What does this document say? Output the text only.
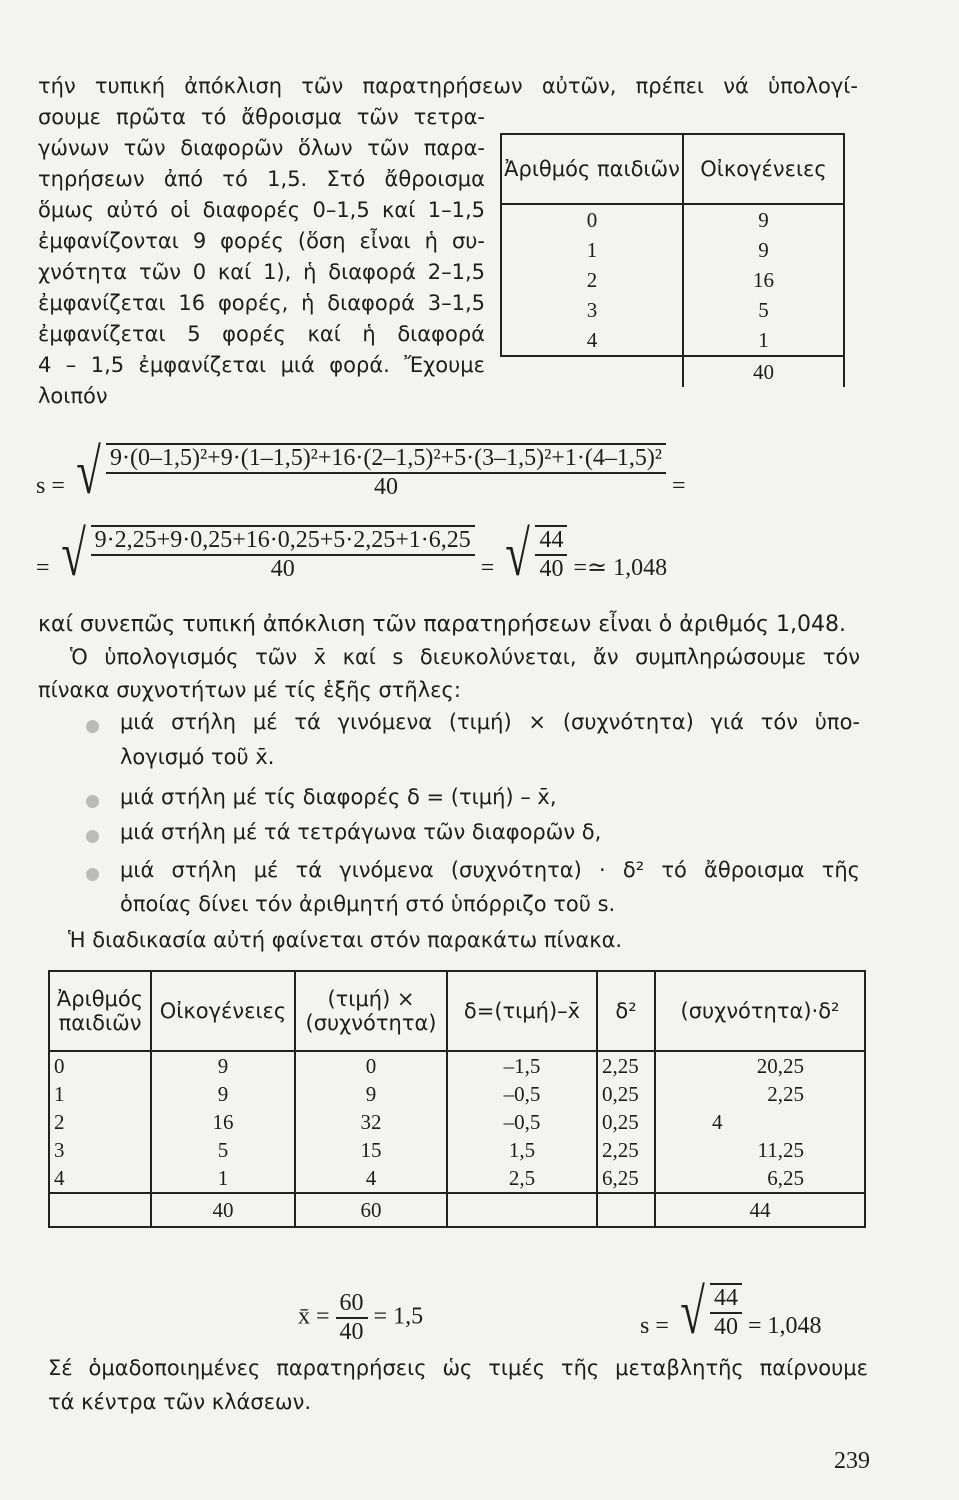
τήν τυπική ἀπόκλιση τῶν παρατηρήσεων αὐτῶν, πρέπει νά ὑπολογί-
σουμε πρῶτα τό ἄθροισμα τῶν τετρα-
γώνων τῶν διαφορῶν ὅλων τῶν παρα-
τηρήσεων ἀπό τό 1,5. Στό ἄθροισμα
ὅμως αὐτό οἱ διαφορές 0–1,5 καί 1–1,5
ἐμφανίζονται 9 φορές (ὅση εἶναι ἡ συ-
χνότητα τῶν 0 καί 1), ἡ διαφορά 2–1,5
ἐμφανίζεται 16 φορές, ἡ διαφορά 3–1,5
ἐμφανίζεται 5 φορές καί ἡ διαφορά
4 – 1,5 ἐμφανίζεται μιά φορά. Ἔχουμε
λοιπόν
Ἀριθμός παιδιῶν	Οἰκογένειες
0	9
1	9
2	16
3	5
4	1
	40
s = √ $\frac{\text{9·(0–1,5)²+9·(1–1,5)²+16·(2–1,5)²+5·(3–1,5)²+1·(4–1,5)²}}{40}$ =
= √ $\frac{9\cdot 2,25+9\cdot 0,25+16\cdot 0,25+5\cdot 2,25+1\cdot 6,25}{40}$ = √ $\frac{44}{40}$ =≃ 1,048
καί συνεπῶς τυπική ἀπόκλιση τῶν παρατηρήσεων εἶναι ὁ ἀριθμός 1,048.
Ὁ ὑπολογισμός τῶν x̄ καί s διευκολύνεται, ἄν συμπληρώσουμε τόν
πίνακα συχνοτήτων μέ τίς ἑξῆς στῆλες:
μιά στήλη μέ τά γινόμενα (τιμή) × (συχνότητα) γιά τόν ὑπο-
λογισμό τοῦ x̄.
μιά στήλη μέ τίς διαφορές δ = (τιμή) – x̄,
μιά στήλη μέ τά τετράγωνα τῶν διαφορῶν δ,
μιά στήλη μέ τά γινόμενα (συχνότητα) · δ² τό ἄθροισμα τῆς
ὁποίας δίνει τόν ἀριθμητή στό ὑπόρριζο τοῦ s.
Ἡ διαδικασία αὐτή φαίνεται στόν παρακάτω πίνακα.
Ἀριθμός παιδιῶν	Οἰκογένειες	(τιμή) × (συχνότητα)	δ=(τιμή)–x̄	δ²	(συχνότητα)·δ²
0	9	0	–1,5	2,25	20,25
1	9	9	–0,5	0,25	2,25
2	16	32	–0,5	0,25	4
3	5	15	1,5	2,25	11,25
4	1	4	2,5	6,25	6,25
	40	60			44
x̄ = $\frac{60}{40} = 1,5$	s = √ $\frac{44}{40} = 1,048$
Σέ ὁμαδοποιημένες παρατηρήσεις ὡς τιμές τῆς μεταβλητῆς παίρνουμε
τά κέντρα τῶν κλάσεων.
239
